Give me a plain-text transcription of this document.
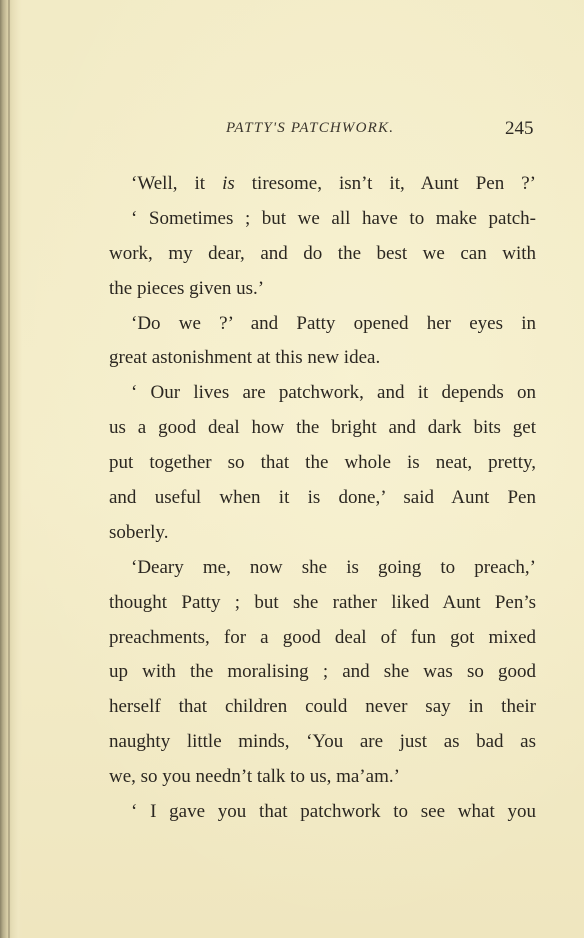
PATTY'S PATCHWORK.	245
‘Well, it is tiresome, isn’t it, Aunt Pen ?’
‘ Sometimes ; but we all have to make patch-
work, my dear, and do the best we can with
the pieces given us.’
‘Do we ?’ and Patty opened her eyes in
great astonishment at this new idea.
‘ Our lives are patchwork, and it depends on
us a good deal how the bright and dark bits get
put together so that the whole is neat, pretty,
and useful when it is done,’ said Aunt Pen
soberly.
‘Deary me, now she is going to preach,’
thought Patty ; but she rather liked Aunt Pen’s
preachments, for a good deal of fun got mixed
up with the moralising ; and she was so good
herself that children could never say in their
naughty little minds, ‘You are just as bad as
we, so you needn’t talk to us, ma’am.’
‘ I gave you that patchwork to see what you
